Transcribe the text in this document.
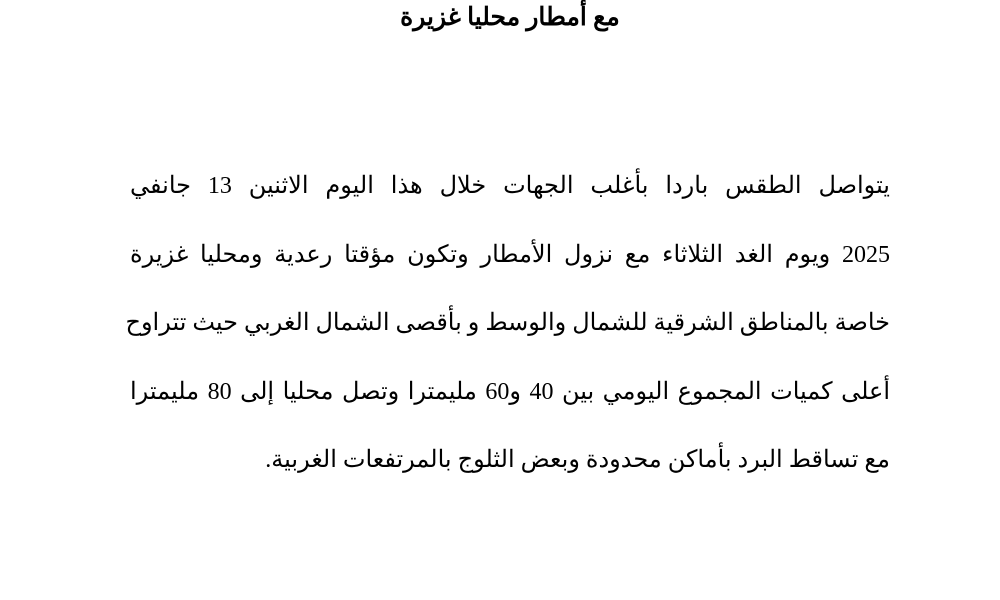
مع أمطار محليا غزيرة
يتواصل الطقس باردا بأغلب الجهات خلال هذا اليوم الاثنين 13 جانفي
2025 ويوم الغد الثلاثاء مع نزول الأمطار وتكون مؤقتا رعدية ومحليا غزيرة
خاصة بالمناطق الشرقية للشمال والوسط و بأقصى الشمال الغربي حيث تتراوح
أعلى كميات المجموع اليومي بين 40 و60 مليمترا وتصل محليا إلى 80 مليمترا
مع تساقط البرد بأماكن محدودة وبعض الثلوج بالمرتفعات الغربية.
